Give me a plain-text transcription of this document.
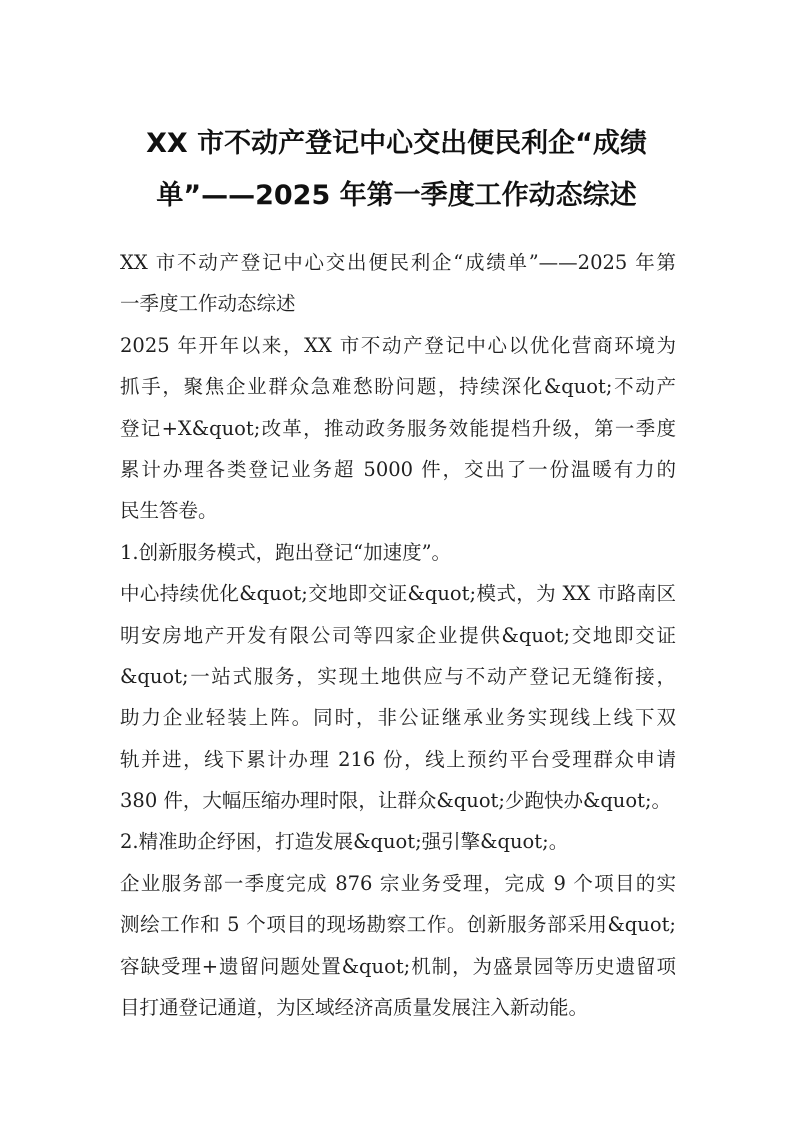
XX 市不动产登记中心交出便民利企“成绩
单”——2025 年第一季度工作动态综述
XX 市不动产登记中心交出便民利企“成绩单”——2025 年第
一季度工作动态综述
2025 年开年以来，XX 市不动产登记中心以优化营商环境为
抓手，聚焦企业群众急难愁盼问题，持续深化&quot;不动产
登记+X&quot;改革，推动政务服务效能提档升级，第一季度
累计办理各类登记业务超 5000 件，交出了一份温暖有力的
民生答卷。
1.创新服务模式，跑出登记“加速度”。
中心持续优化&quot;交地即交证&quot;模式，为 XX 市路南区
明安房地产开发有限公司等四家企业提供&quot;交地即交证
&quot;一站式服务，实现土地供应与不动产登记无缝衔接，
助力企业轻装上阵。同时，非公证继承业务实现线上线下双
轨并进，线下累计办理 216 份，线上预约平台受理群众申请
380 件，大幅压缩办理时限，让群众&quot;少跑快办&quot;。
2.精准助企纾困，打造发展&quot;强引擎&quot;。
企业服务部一季度完成 876 宗业务受理，完成 9 个项目的实
测绘工作和 5 个项目的现场勘察工作。创新服务部采用&quot;
容缺受理+遗留问题处置&quot;机制，为盛景园等历史遗留项
目打通登记通道，为区域经济高质量发展注入新动能。
